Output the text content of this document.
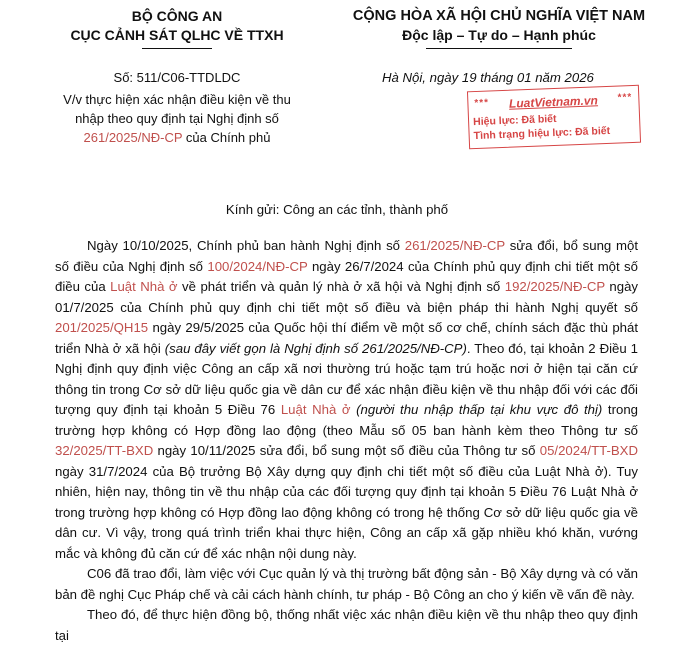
BỘ CÔNG AN
CỤC CẢNH SÁT QLHC VỀ TTXH
Số: 511/C06-TTDLDC
V/v thực hiện xác nhận điều kiện về thu
nhập theo quy định tại Nghị định số
261/2025/NĐ-CP của Chính phủ
CỘNG HÒA XÃ HỘI CHỦ NGHĨA VIỆT NAM
Độc lập – Tự do – Hạnh phúc
Hà Nội, ngày 19 tháng 01 năm 2026
***	LuatVietnam.vn	***
Hiệu lực: Đã biết
Tình trạng hiệu lực: Đã biết
Kính gửi: Công an các tỉnh, thành phố

Ngày 10/10/2025, Chính phủ ban hành Nghị định số 261/2025/NĐ-CP sửa đổi, bổ sung một số điều của Nghị định số 100/2024/NĐ-CP ngày 26/7/2024 của Chính phủ quy định chi tiết một số điều của Luật Nhà ở về phát triển và quản lý nhà ở xã hội và Nghị định số 192/2025/NĐ-CP ngày 01/7/2025 của Chính phủ quy định chi tiết một số điều và biện pháp thi hành Nghị quyết số 201/2025/QH15 ngày 29/5/2025 của Quốc hội thí điểm về một số cơ chế, chính sách đặc thù phát triển Nhà ở xã hội (sau đây viết gọn là Nghị định số 261/2025/NĐ-CP). Theo đó, tại khoản 2 Điều 1 Nghị định quy định việc Công an cấp xã nơi thường trú hoặc tạm trú hoặc nơi ở hiện tại căn cứ thông tin trong Cơ sở dữ liệu quốc gia về dân cư để xác nhận điều kiện về thu nhập đối với các đối tượng quy định tại khoản 5 Điều 76 Luật Nhà ở (người thu nhập thấp tại khu vực đô thị) trong trường hợp không có Hợp đồng lao động (theo Mẫu số 05 ban hành kèm theo Thông tư số 32/2025/TT-BXD ngày 10/11/2025 sửa đổi, bổ sung một số điều của Thông tư số 05/2024/TT-BXD ngày 31/7/2024 của Bộ trưởng Bộ Xây dựng quy định chi tiết một số điều của Luật Nhà ở). Tuy nhiên, hiện nay, thông tin về thu nhập của các đối tượng quy định tại khoản 5 Điều 76 Luật Nhà ở trong trường hợp không có Hợp đồng lao động không có trong hệ thống Cơ sở dữ liệu quốc gia về dân cư. Vì vậy, trong quá trình triển khai thực hiện, Công an cấp xã gặp nhiều khó khăn, vướng mắc và không đủ căn cứ để xác nhận nội dung này.

C06 đã trao đổi, làm việc với Cục quản lý và thị trường bất động sản - Bộ Xây dựng và có văn bản đề nghị Cục Pháp chế và cải cách hành chính, tư pháp - Bộ Công an cho ý kiến về vấn đề này.

Theo đó, để thực hiện đồng bộ, thống nhất việc xác nhận điều kiện về thu nhập theo quy định tại
